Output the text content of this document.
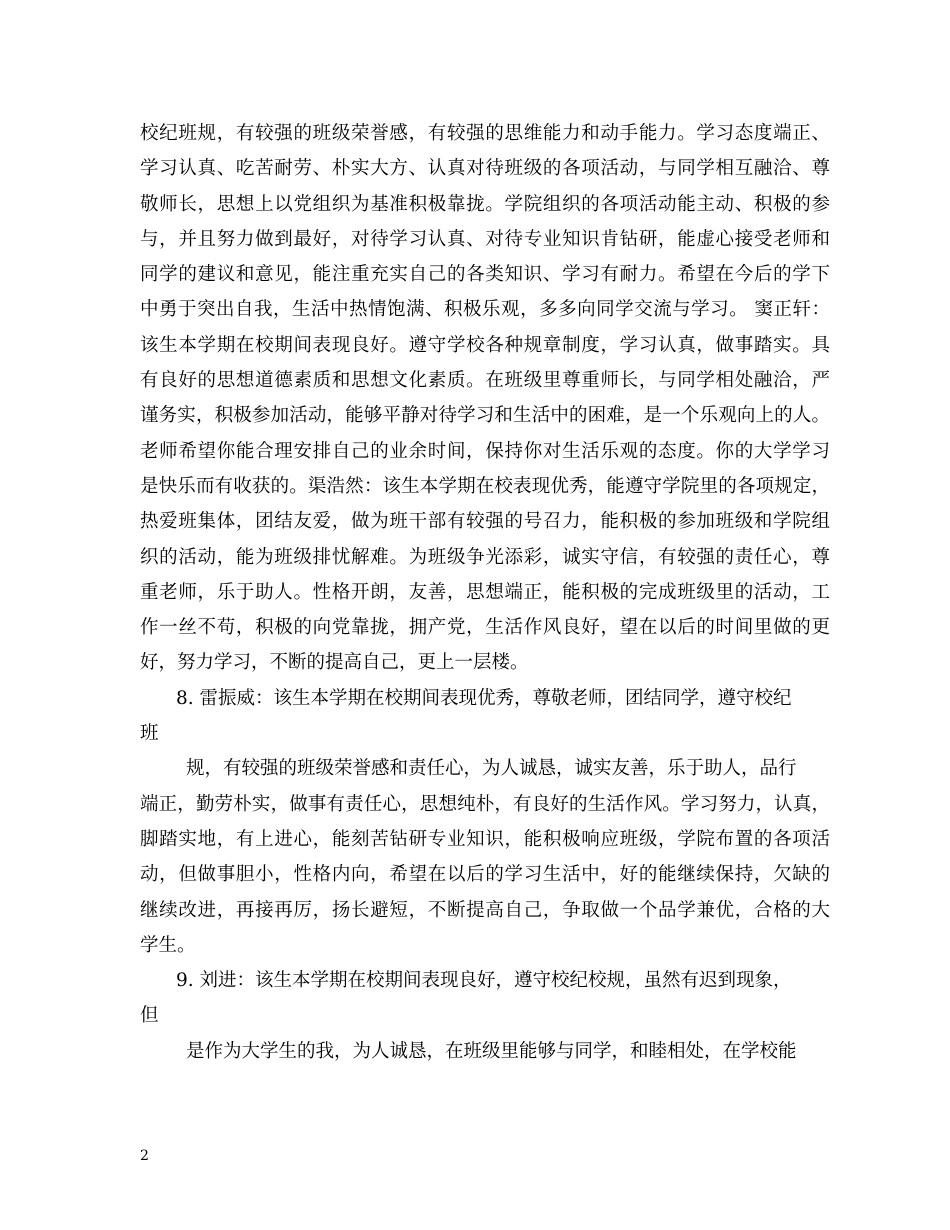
校纪班规，有较强的班级荣誉感，有较强的思维能力和动手能力。学习态度端正、
学习认真、吃苦耐劳、朴实大方、认真对待班级的各项活动，与同学相互融洽、尊
敬师长，思想上以党组织为基准积极靠拢。学院组织的各项活动能主动、积极的参
与，并且努力做到最好，对待学习认真、对待专业知识肯钻研，能虚心接受老师和
同学的建议和意见，能注重充实自己的各类知识、学习有耐力。希望在今后的学下
中勇于突出自我，生活中热情饱满、积极乐观，多多向同学交流与学习。 窦正轩：
该生本学期在校期间表现良好。遵守学校各种规章制度，学习认真，做事踏实。具
有良好的思想道德素质和思想文化素质。在班级里尊重师长，与同学相处融洽，严
谨务实，积极参加活动，能够平静对待学习和生活中的困难，是一个乐观向上的人。
老师希望你能合理安排自己的业余时间，保持你对生活乐观的态度。你的大学学习
是快乐而有收获的。渠浩然：该生本学期在校表现优秀，能遵守学院里的各项规定，
热爱班集体，团结友爱，做为班干部有较强的号召力，能积极的参加班级和学院组
织的活动，能为班级排忧解难。为班级争光添彩，诚实守信，有较强的责任心，尊
重老师，乐于助人。性格开朗，友善，思想端正，能积极的完成班级里的活动，工
作一丝不苟，积极的向党靠拢，拥产党，生活作风良好，望在以后的时间里做的更
好，努力学习，不断的提高自己，更上一层楼。
8. 雷振威：该生本学期在校期间表现优秀，尊敬老师，团结同学，遵守校纪
班
规，有较强的班级荣誉感和责任心，为人诚恳，诚实友善，乐于助人，品行
端正，勤劳朴实，做事有责任心，思想纯朴，有良好的生活作风。学习努力，认真，
脚踏实地，有上进心，能刻苦钻研专业知识，能积极响应班级，学院布置的各项活
动，但做事胆小，性格内向，希望在以后的学习生活中，好的能继续保持，欠缺的
继续改进，再接再厉，扬长避短，不断提高自己，争取做一个品学兼优，合格的大
学生。
9. 刘进：该生本学期在校期间表现良好，遵守校纪校规，虽然有迟到现象，
但
是作为大学生的我，为人诚恳，在班级里能够与同学，和睦相处，在学校能
2
